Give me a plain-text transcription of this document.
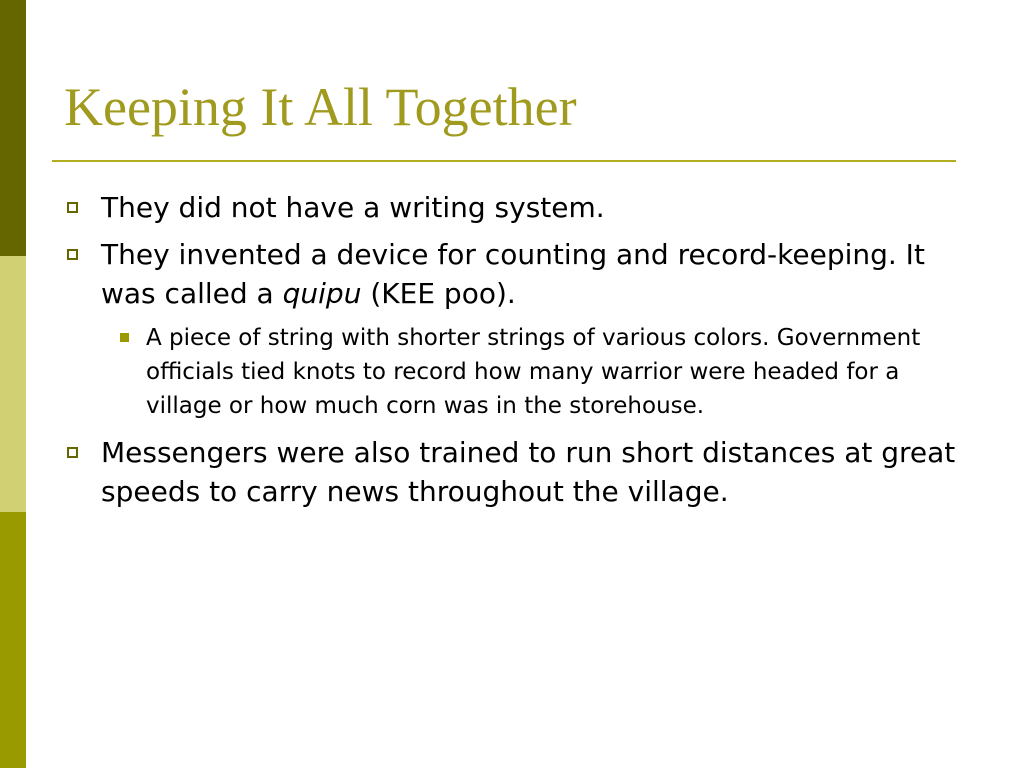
Keeping It All Together
They did not have a writing system.
They invented a device for counting and record-keeping. It was called a quipu (KEE poo).
A piece of string with shorter strings of various colors. Government officials tied knots to record how many warrior were headed for a village or how much corn was in the storehouse.
Messengers were also trained to run short distances at great speeds to carry news throughout the village.
